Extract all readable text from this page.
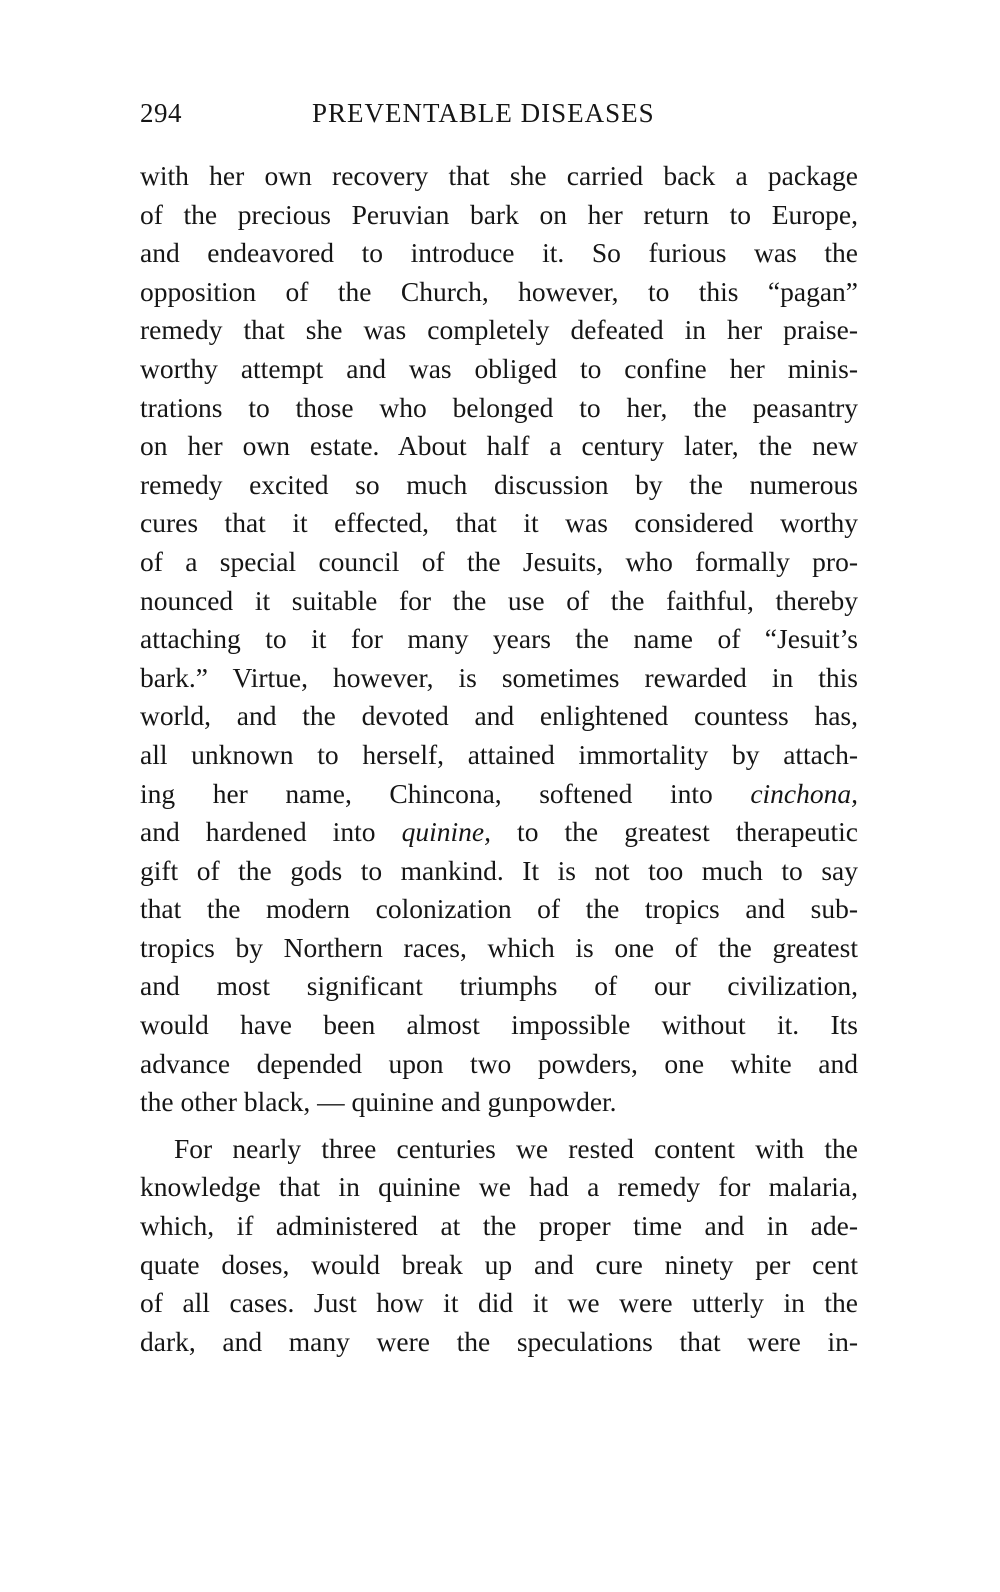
294	PREVENTABLE DISEASES
with her own recovery that she carried back a package
of the precious Peruvian bark on her return to Europe,
and endeavored to introduce it. So furious was the
opposition of the Church, however, to this “pagan”
remedy that she was completely defeated in her praise-
worthy attempt and was obliged to confine her minis-
trations to those who belonged to her, the peasantry
on her own estate. About half a century later, the new
remedy excited so much discussion by the numerous
cures that it effected, that it was considered worthy
of a special council of the Jesuits, who formally pro-
nounced it suitable for the use of the faithful, thereby
attaching to it for many years the name of “Jesuit’s
bark.” Virtue, however, is sometimes rewarded in this
world, and the devoted and enlightened countess has,
all unknown to herself, attained immortality by attach-
ing her name, Chincona, softened into cinchona,
and hardened into quinine, to the greatest therapeutic
gift of the gods to mankind. It is not too much to say
that the modern colonization of the tropics and sub-
tropics by Northern races, which is one of the greatest
and most significant triumphs of our civilization,
would have been almost impossible without it. Its
advance depended upon two powders, one white and
the other black, — quinine and gunpowder.
For nearly three centuries we rested content with the
knowledge that in quinine we had a remedy for malaria,
which, if administered at the proper time and in ade-
quate doses, would break up and cure ninety per cent
of all cases. Just how it did it we were utterly in the
dark, and many were the speculations that were in-
